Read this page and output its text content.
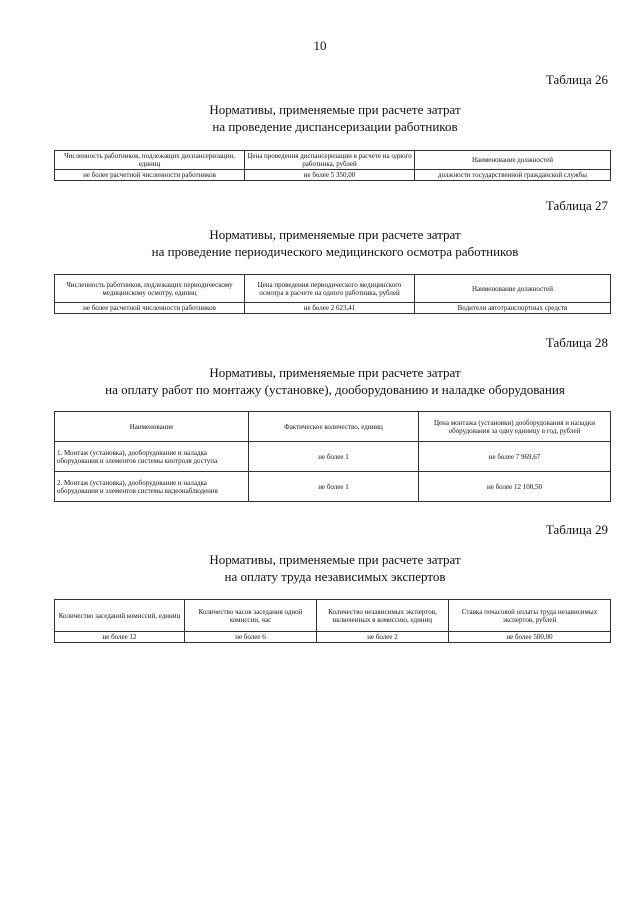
10
Таблица 26
Нормативы, применяемые при расчете затрат
на проведение диспансеризации работников
Численность работников, подлежащих диспансеризации, единиц	Цена проведения диспансеризации в расчете на одного работника, рублей	Наименование должностей
не более расчетной численности работников	не более 5 350,00	должности государственной гражданской службы
Таблица 27
Нормативы, применяемые при расчете затрат
на проведение периодического медицинского осмотра работников
Численность работников, подлежащих периодическому медицинскому осмотру, единиц	Цена проведения периодического медицинского осмотра в расчете на одного работника, рублей	Наименование должностей
не более расчетной численности работников	не более 2 623,41	Водители автотранспортных средств
Таблица 28
Нормативы, применяемые при расчете затрат
на оплату работ по монтажу (установке), дооборудованию и наладке оборудования
Наименование	Фактическое количество, единиц	Цена монтажа (установки) дооборудования и наладки оборудования за одну единицу в год, рублей
1. Монтаж (установка), дооборудование и наладка оборудования и элементов системы контроля доступа	не более 1	не более 7 969,67
2. Монтаж (установка), дооборудование и наладка оборудования и элементов системы видеонаблюдения	не более 1	не более 12 100,50
Таблица 29
Нормативы, применяемые при расчете затрат
на оплату труда независимых экспертов
Количество заседаний комиссий, единиц	Количество часов заседания одной комиссии, час	Количество независимых экспертов, включенных в комиссию, единиц	Ставка почасовой оплаты труда независимых экспертов, рублей
не более 12	не более 6	не более 2	не более 500,00
